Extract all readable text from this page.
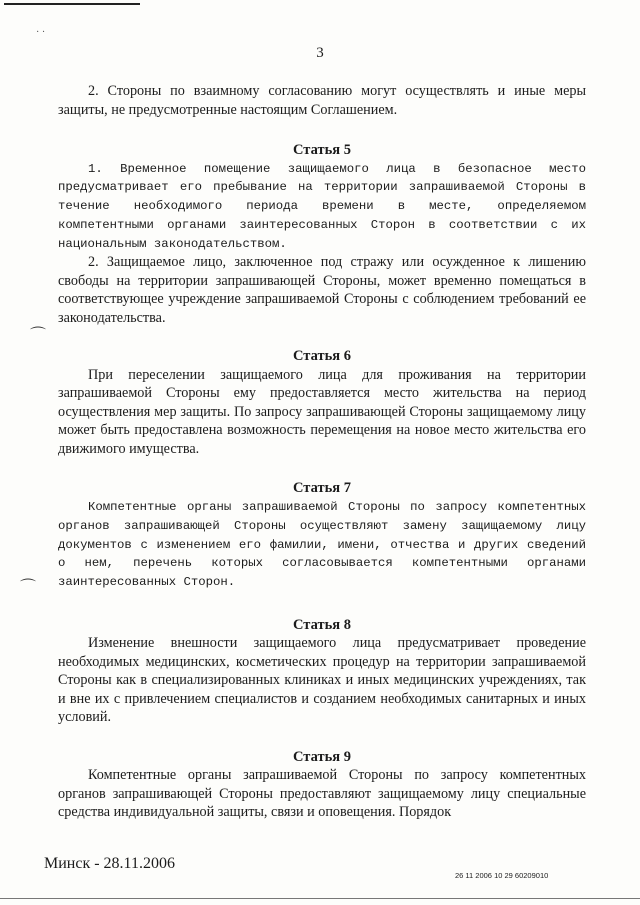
· ·
⌒
⌒
3

2. Стороны по взаимному согласованию могут осуществлять и иные меры защиты, не предусмотренные настоящим Соглашением.

Статья 5

1. Временное помещение защищаемого лица в безопасное место предусматривает его пребывание на территории запрашиваемой Стороны в течение необходимого периода времени в месте, определяемом компетентными органами заинтересованных Сторон в соответствии с их национальным законодательством.

2. Защищаемое лицо, заключенное под стражу или осужденное к лишению свободы на территории запрашивающей Стороны, может временно помещаться в соответствующее учреждение запрашиваемой Стороны с соблюдением требований ее законодательства.

Статья 6

При переселении защищаемого лица для проживания на территории запрашиваемой Стороны ему предоставляется место жительства на период осуществления мер защиты. По запросу запрашивающей Стороны защищаемому лицу может быть предоставлена возможность перемещения на новое место жительства его движимого имущества.

Статья 7

Компетентные органы запрашиваемой Стороны по запросу компетентных органов запрашивающей Стороны осуществляют замену защищаемому лицу документов с изменением его фамилии, имени, отчества и других сведений о нем, перечень которых согласовывается компетентными органами заинтересованных Сторон.

Статья 8

Изменение внешности защищаемого лица предусматривает проведение необходимых медицинских, косметических процедур на территории запрашиваемой Стороны как в специализированных клиниках и иных медицинских учреждениях, так и вне их с привлечением специалистов и созданием необходимых санитарных и иных условий.

Статья 9

Компетентные органы запрашиваемой Стороны по запросу компетентных органов запрашивающей Стороны предоставляют защищаемому лицу специальные средства индивидуальной защиты, связи и оповещения. Порядок

Минск - 28.11.2006
26 11 2006 10 29 60209010
